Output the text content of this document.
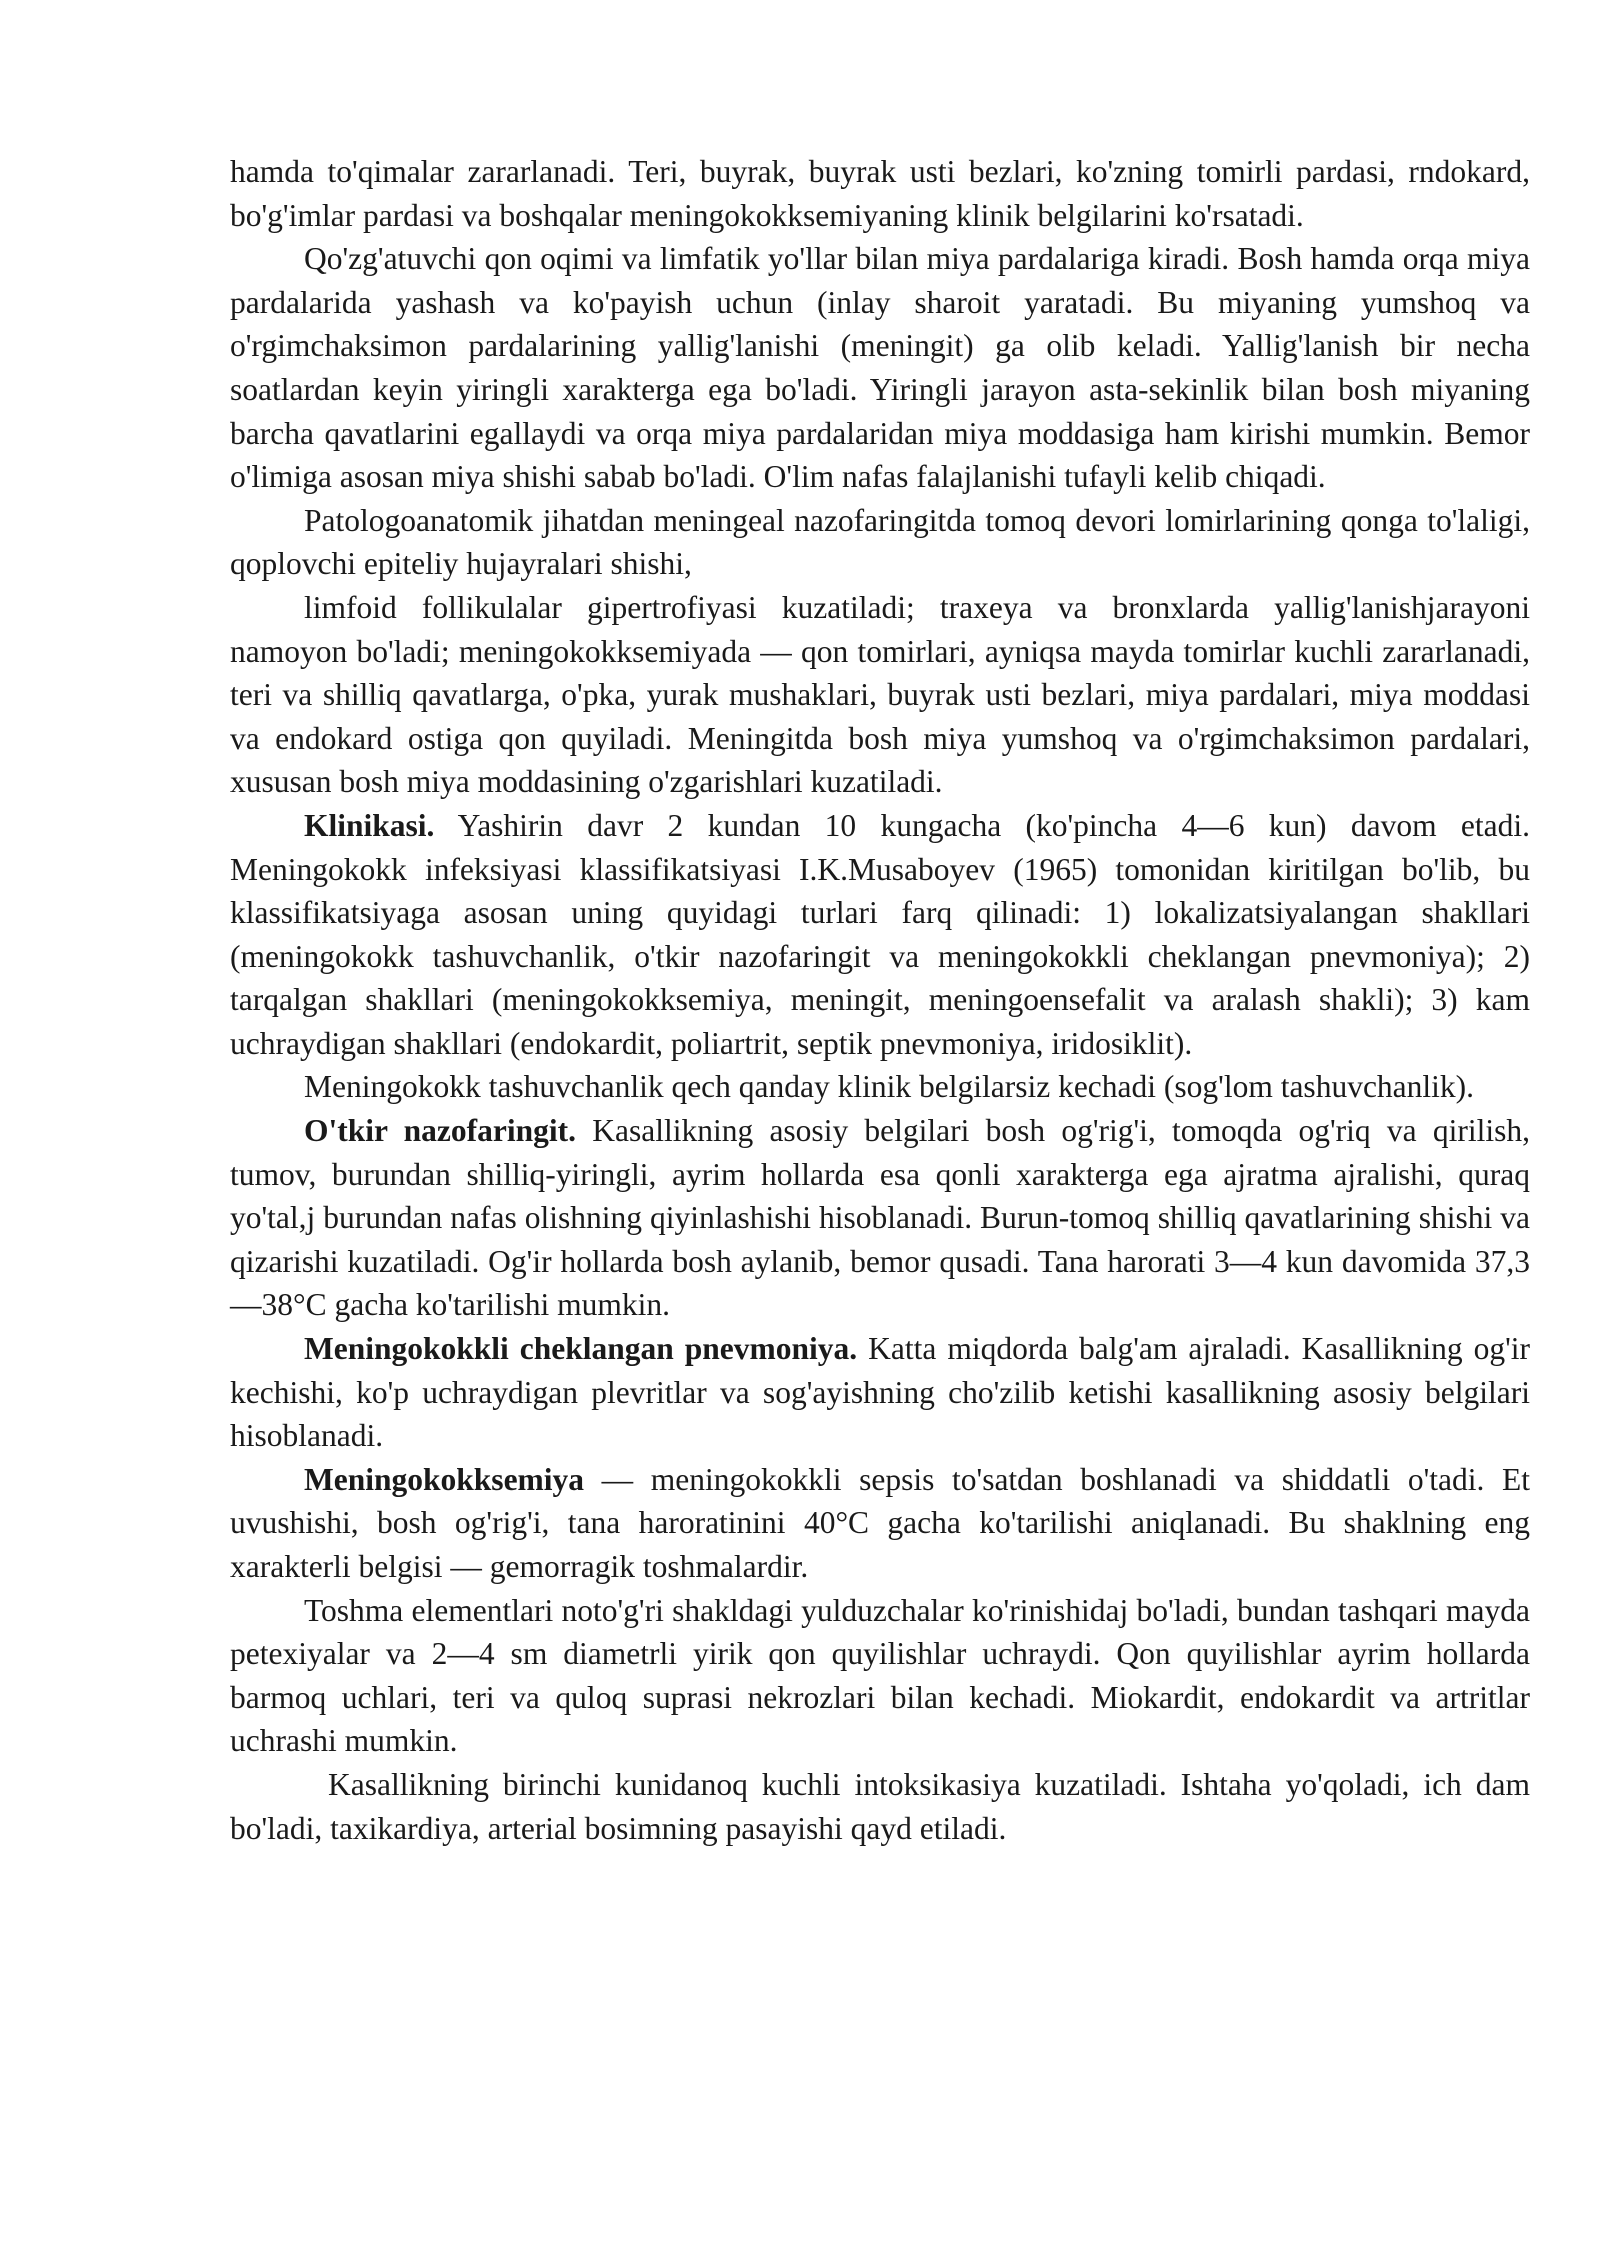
hamda to'qimalar zararlanadi. Teri, buyrak, buyrak usti bezlari, ko'zning tomirli pardasi, rndokard, bo'g'imlar pardasi va boshqalar meningokokksemiyaning klinik belgilarini ko'rsatadi.

Qo'zg'atuvchi qon oqimi va limfatik yo'llar bilan miya pardalariga kiradi. Bosh hamda orqa miya pardalarida yashash va ko'payish uchun (inlay sharoit yaratadi. Bu miyaning yumshoq va o'rgimchaksimon pardalarining yallig'lanishi (meningit) ga olib keladi. Yallig'lanish bir necha soatlardan keyin yiringli xarakterga ega bo'ladi. Yiringli jarayon asta-sekinlik bilan bosh miyaning barcha qavatlarini egallaydi va orqa miya pardalaridan miya moddasiga ham kirishi mumkin. Bemor o'limiga asosan miya shishi sabab bo'ladi. O'lim nafas falajlanishi tufayli kelib chiqadi.

Patologoanatomik jihatdan meningeal nazofaringitda tomoq devori lomirlarining qonga to'laligi, qoplovchi epiteliy hujayralari shishi,

limfoid follikulalar gipertrofiyasi kuzatiladi; traxeya va bronxlarda yallig'lanishjarayoni namoyon bo'ladi; meningokokksemiyada — qon tomirlari, ayniqsa mayda tomirlar kuchli zararlanadi, teri va shilliq qavatlarga, o'pka, yurak mushaklari, buyrak usti bezlari, miya pardalari, miya moddasi va endokard ostiga qon quyiladi. Meningitda bosh miya yumshoq va o'rgimchaksimon pardalari, xususan bosh miya moddasining o'zgarishlari kuzatiladi.

Klinikasi. Yashirin davr 2 kundan 10 kungacha (ko'pincha 4—6 kun) davom etadi. Meningokokk infeksiyasi klassifikatsiyasi I.K.Musaboyev (1965) tomonidan kiritilgan bo'lib, bu klassifikatsiyaga asosan uning quyidagi turlari farq qilinadi: 1) lokalizatsiyalangan shakllari (meningokokk tashuvchanlik, o'tkir nazofaringit va meningokokkli cheklangan pnevmoniya); 2) tarqalgan shakllari (meningokokksemiya, meningit, meningoensefalit va aralash shakli); 3) kam uchraydigan shakllari (endokardit, poliartrit, septik pnevmoniya, iridosiklit).

Meningokokk tashuvchanlik qech qanday klinik belgilarsiz kechadi (sog'lom tashuvchanlik).

O'tkir nazofaringit. Kasallikning asosiy belgilari bosh og'rig'i, tomoqda og'riq va qirilish, tumov, burundan shilliq-yiringli, ayrim hollarda esa qonli xarakterga ega ajratma ajralishi, quraq yo'tal,j burundan nafas olishning qiyinlashishi hisoblanadi. Burun-tomoq shilliq qavatlarining shishi va qizarishi kuzatiladi. Og'ir hollarda bosh aylanib, bemor qusadi. Tana harorati 3—4 kun davomida 37,3—38°C gacha ko'tarilishi mumkin.

Meningokokkli cheklangan pnevmoniya. Katta miqdorda balg'am ajraladi. Kasallikning og'ir kechishi, ko'p uchraydigan plevritlar va sog'ayishning cho'zilib ketishi kasallikning asosiy belgilari hisoblanadi.

Meningokokksemiya — meningokokkli sepsis to'satdan boshlanadi va shiddatli o'tadi. Et uvushishi, bosh og'rig'i, tana haroratinini 40°C gacha ko'tarilishi aniqlanadi. Bu shaklning eng xarakterli belgisi — gemorragik toshmalardir.

Toshma elementlari noto'g'ri shakldagi yulduzchalar ko'rinishidaj bo'ladi, bundan tashqari mayda petexiyalar va 2—4 sm diametrli yirik qon quyilishlar uchraydi. Qon quyilishlar ayrim hollarda barmoq uchlari, teri va quloq suprasi nekrozlari bilan kechadi. Miokardit, endokardit va artritlar uchrashi mumkin.

Kasallikning birinchi kunidanoq kuchli intoksikasiya kuzatiladi. Ishtaha yo'qoladi, ich dam bo'ladi, taxikardiya, arterial bosimning pasayishi qayd etiladi.
